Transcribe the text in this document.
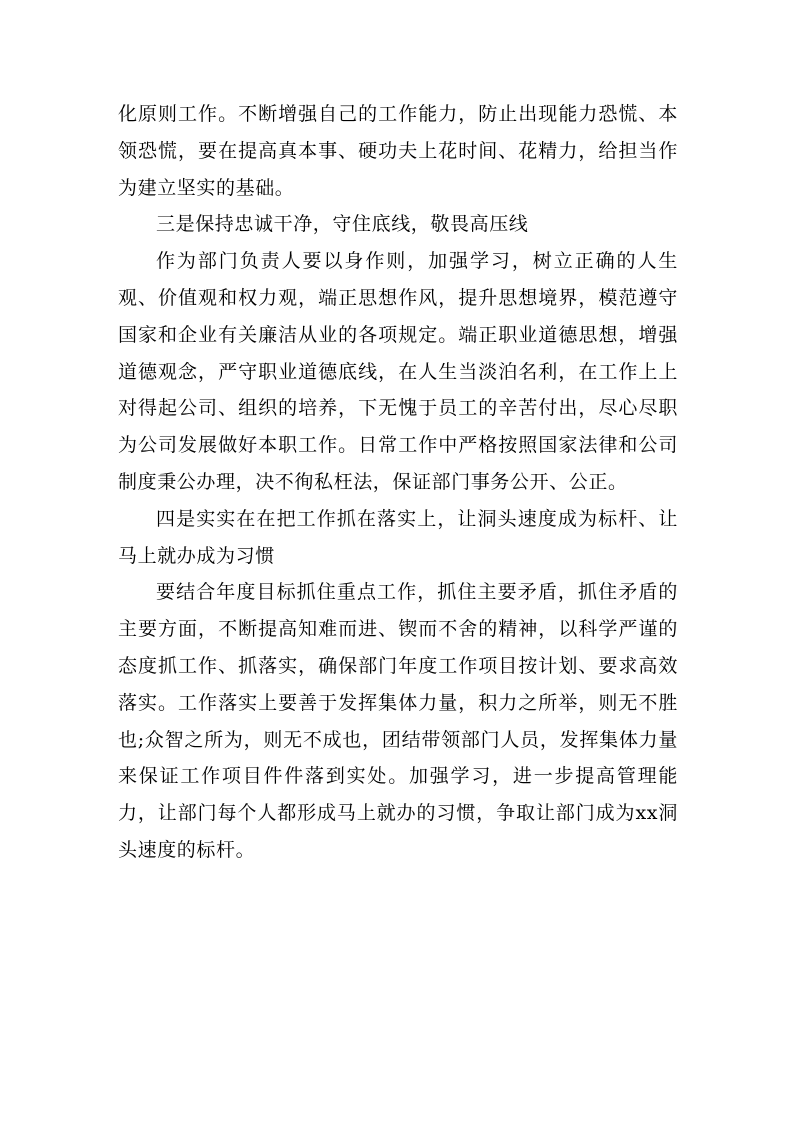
化原则工作。不断增强自己的工作能力，防止出现能力恐慌、本领恐慌，要在提高真本事、硬功夫上花时间、花精力，给担当作为建立坚实的基础。

三是保持忠诚干净，守住底线，敬畏高压线

作为部门负责人要以身作则，加强学习，树立正确的人生观、价值观和权力观，端正思想作风，提升思想境界，模范遵守国家和企业有关廉洁从业的各项规定。端正职业道德思想，增强道德观念，严守职业道德底线，在人生当淡泊名利，在工作上上对得起公司、组织的培养，下无愧于员工的辛苦付出，尽心尽职为公司发展做好本职工作。日常工作中严格按照国家法律和公司制度秉公办理，决不徇私枉法，保证部门事务公开、公正。

四是实实在在把工作抓在落实上，让洞头速度成为标杆、让马上就办成为习惯

要结合年度目标抓住重点工作，抓住主要矛盾，抓住矛盾的主要方面，不断提高知难而进、锲而不舍的精神，以科学严谨的态度抓工作、抓落实，确保部门年度工作项目按计划、要求高效落实。工作落实上要善于发挥集体力量，积力之所举，则无不胜也;众智之所为，则无不成也，团结带领部门人员，发挥集体力量来保证工作项目件件落到实处。加强学习，进一步提高管理能力，让部门每个人都形成马上就办的习惯，争取让部门成为xx洞头速度的标杆。
